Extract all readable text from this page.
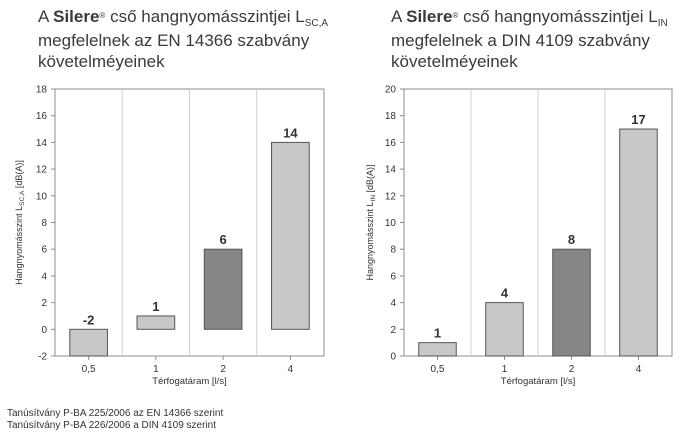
A Silere® cső hangnyomásszintjei $L_{SC,A}$
megfelelnek az EN 14366 szabvány
követelméyeinek
A Silere® cső hangnyomásszintjei $L_{IN}$
megfelelnek a DIN 4109 szabvány
követelméyeinek
-2
0
2
4
6
8
10
12
14
16
18
0,5	1	2	4
-2
1
6
14
Térfogatáram [l/s]
Hangnyomásszint $L_{SC,A}$ [dB(A)]
0
2
4
6
8
10
12
14
16
18
20
0,5	1	2	4
1
4
8
17
Térfogatáram [l/s]
Hangnyomásszint $L_{IN}$ [dB(A)]
Tanúsítvány P-BA 225/2006 az EN 14366 szerint
Tanúsítvány P-BA 226/2006 a DIN 4109 szerint
